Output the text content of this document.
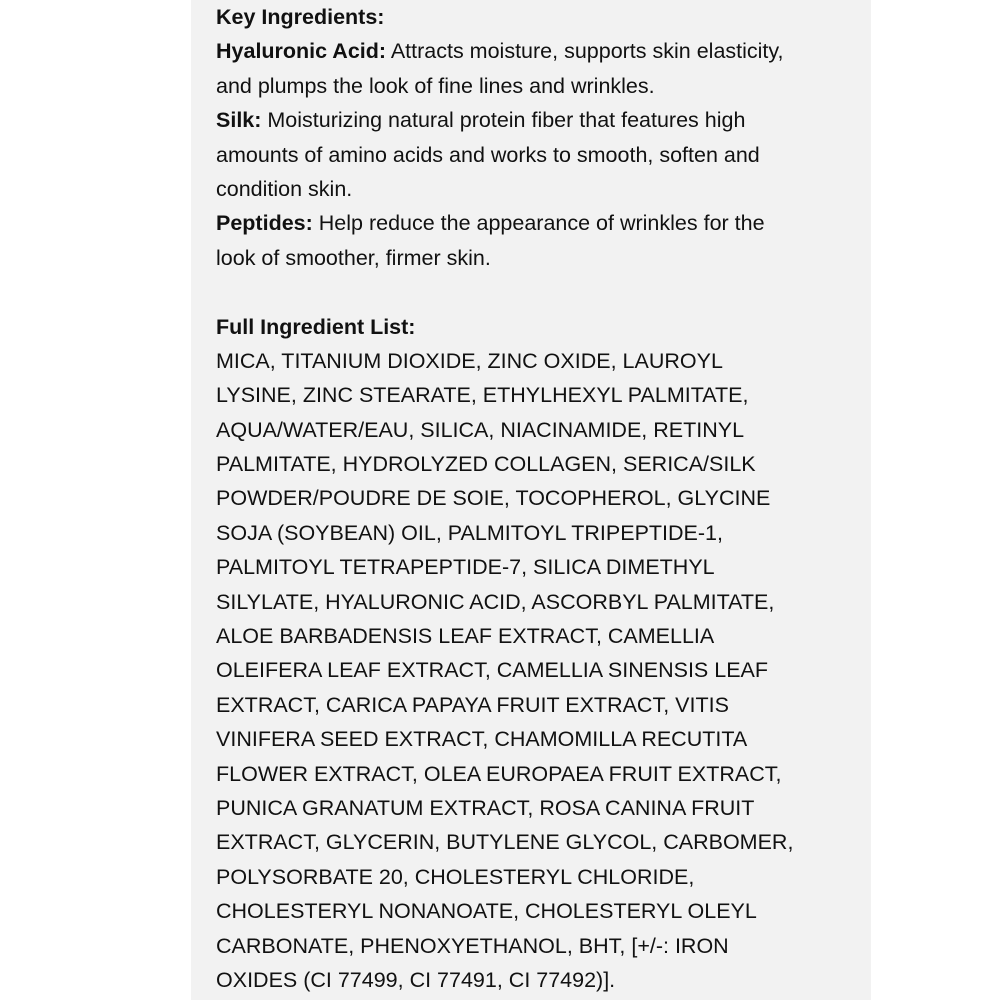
Key Ingredients:
Hyaluronic Acid: Attracts moisture, supports skin elasticity,
and plumps the look of fine lines and wrinkles.
Silk: Moisturizing natural protein fiber that features high
amounts of amino acids and works to smooth, soften and
condition skin.
Peptides: Help reduce the appearance of wrinkles for the
look of smoother, firmer skin.
Full Ingredient List:
MICA, TITANIUM DIOXIDE, ZINC OXIDE, LAUROYL
LYSINE, ZINC STEARATE, ETHYLHEXYL PALMITATE,
AQUA/WATER/EAU, SILICA, NIACINAMIDE, RETINYL
PALMITATE, HYDROLYZED COLLAGEN, SERICA/SILK
POWDER/POUDRE DE SOIE, TOCOPHEROL, GLYCINE
SOJA (SOYBEAN) OIL, PALMITOYL TRIPEPTIDE-1,
PALMITOYL TETRAPEPTIDE-7, SILICA DIMETHYL
SILYLATE, HYALURONIC ACID, ASCORBYL PALMITATE,
ALOE BARBADENSIS LEAF EXTRACT, CAMELLIA
OLEIFERA LEAF EXTRACT, CAMELLIA SINENSIS LEAF
EXTRACT, CARICA PAPAYA FRUIT EXTRACT, VITIS
VINIFERA SEED EXTRACT, CHAMOMILLA RECUTITA
FLOWER EXTRACT, OLEA EUROPAEA FRUIT EXTRACT,
PUNICA GRANATUM EXTRACT, ROSA CANINA FRUIT
EXTRACT, GLYCERIN, BUTYLENE GLYCOL, CARBOMER,
POLYSORBATE 20, CHOLESTERYL CHLORIDE,
CHOLESTERYL NONANOATE, CHOLESTERYL OLEYL
CARBONATE, PHENOXYETHANOL, BHT, [+/-: IRON
OXIDES (CI 77499, CI 77491, CI 77492)].
